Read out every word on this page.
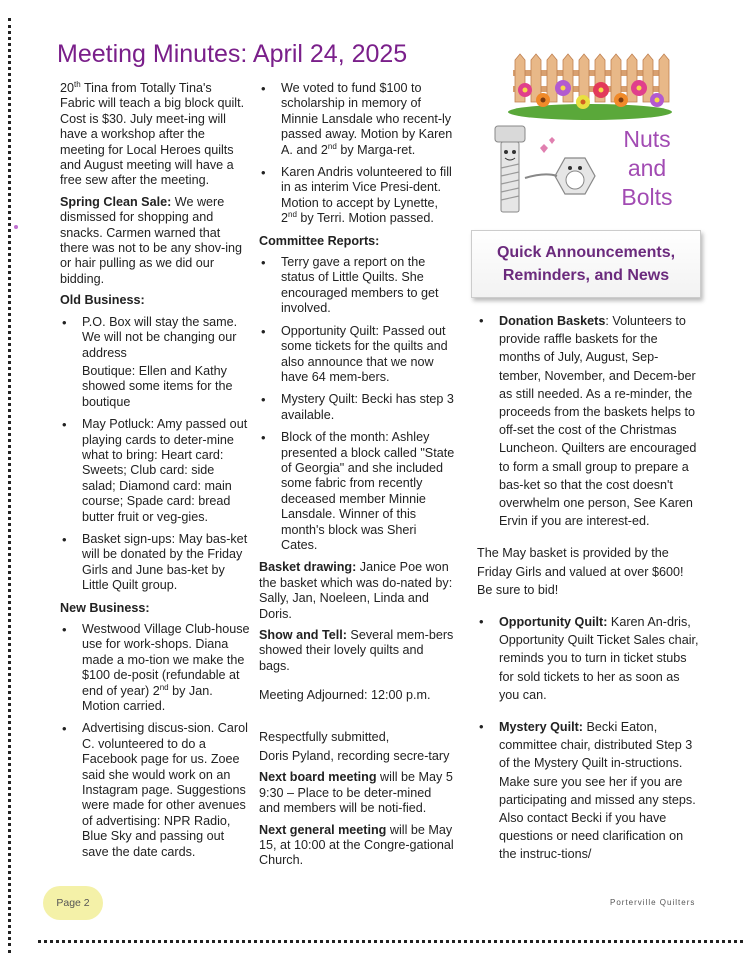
Meeting Minutes: April 24, 2025

20th Tina from Totally Tina's Fabric will teach a big block quilt. Cost is $30. July meet-ing will have a workshop after the meeting for Local Heroes quilts and August meeting will have a free sew after the meeting.

Spring Clean Sale: We were dismissed for shopping and snacks. Carmen warned that there was not to be any shov-ing or hair pulling as we did our bidding.

Old Business:

• P.O. Box will stay the same. We will not be changing our address

Boutique: Ellen and Kathy showed some items for the boutique

• May Potluck: Amy passed out playing cards to deter-mine what to bring: Heart card: Sweets; Club card: side salad; Diamond card: main course; Spade card: bread butter fruit or veg-gies.
• Basket sign-ups: May bas-ket will be donated by the Friday Girls and June bas-ket by Little Quilt group.

New Business:

• Westwood Village Club-house use for work-shops. Diana made a mo-tion we make the $100 de-posit (refundable at end of year) 2nd by Jan. Motion carried.
• Advertising discus-sion. Carol C. volunteered to do a Facebook page for us. Zoee said she would work on an Instagram page. Suggestions were made for other avenues of advertising: NPR Radio, Blue Sky and passing out save the date cards.
• We voted to fund $100 to scholarship in memory of Minnie Lansdale who recent-ly passed away. Motion by Karen A. and 2nd by Marga-ret.
• Karen Andris volunteered to fill in as interim Vice Presi-dent. Motion to accept by Lynette, 2nd by Terri. Motion passed.

Committee Reports:

• Terry gave a report on the status of Little Quilts. She encouraged members to get involved.
• Opportunity Quilt: Passed out some tickets for the quilts and also announce that we now have 64 mem-bers.
• Mystery Quilt: Becki has step 3 available.
• Block of the month: Ashley presented a block called "State of Georgia" and she included some fabric from recently deceased member Minnie Lansdale. Winner of this month's block was Sheri Cates.

Basket drawing: Janice Poe won the basket which was do-nated by: Sally, Jan, Noeleen, Linda and Doris.

Show and Tell: Several mem-bers showed their lovely quilts and bags.

Meeting Adjourned: 12:00 p.m.

Respectfully submitted,

Doris Pyland, recording secre-tary

Next board meeting will be May 5 9:30 – Place to be deter-mined and members will be noti-fied.

Next general meeting will be May 15, at 10:00 at the Congre-gational Church.

Nuts
and
Bolts
Quick Announcements,
Reminders, and News
• Donation Baskets: Volunteers to provide raffle baskets for the months of July, August, Sep-tember, November, and Decem-ber as still needed. As a re-minder, the proceeds from the baskets helps to off-set the cost of the Christmas Luncheon. Quilters are encouraged to form a small group to prepare a bas-ket so that the cost doesn't overwhelm one person, See Karen Ervin if you are interest-ed.

The May basket is provided by the Friday Girls and valued at over $600! Be sure to bid!

• Opportunity Quilt: Karen An-dris, Opportunity Quilt Ticket Sales chair, reminds you to turn in ticket stubs for sold tickets to her as soon as you can.
• Mystery Quilt: Becki Eaton, committee chair, distributed Step 3 of the Mystery Quilt in-structions. Make sure you see her if you are participating and missed any steps. Also contact Becki if you have questions or need clarification on the instruc-tions/
Page 2	Porterville Quilters
